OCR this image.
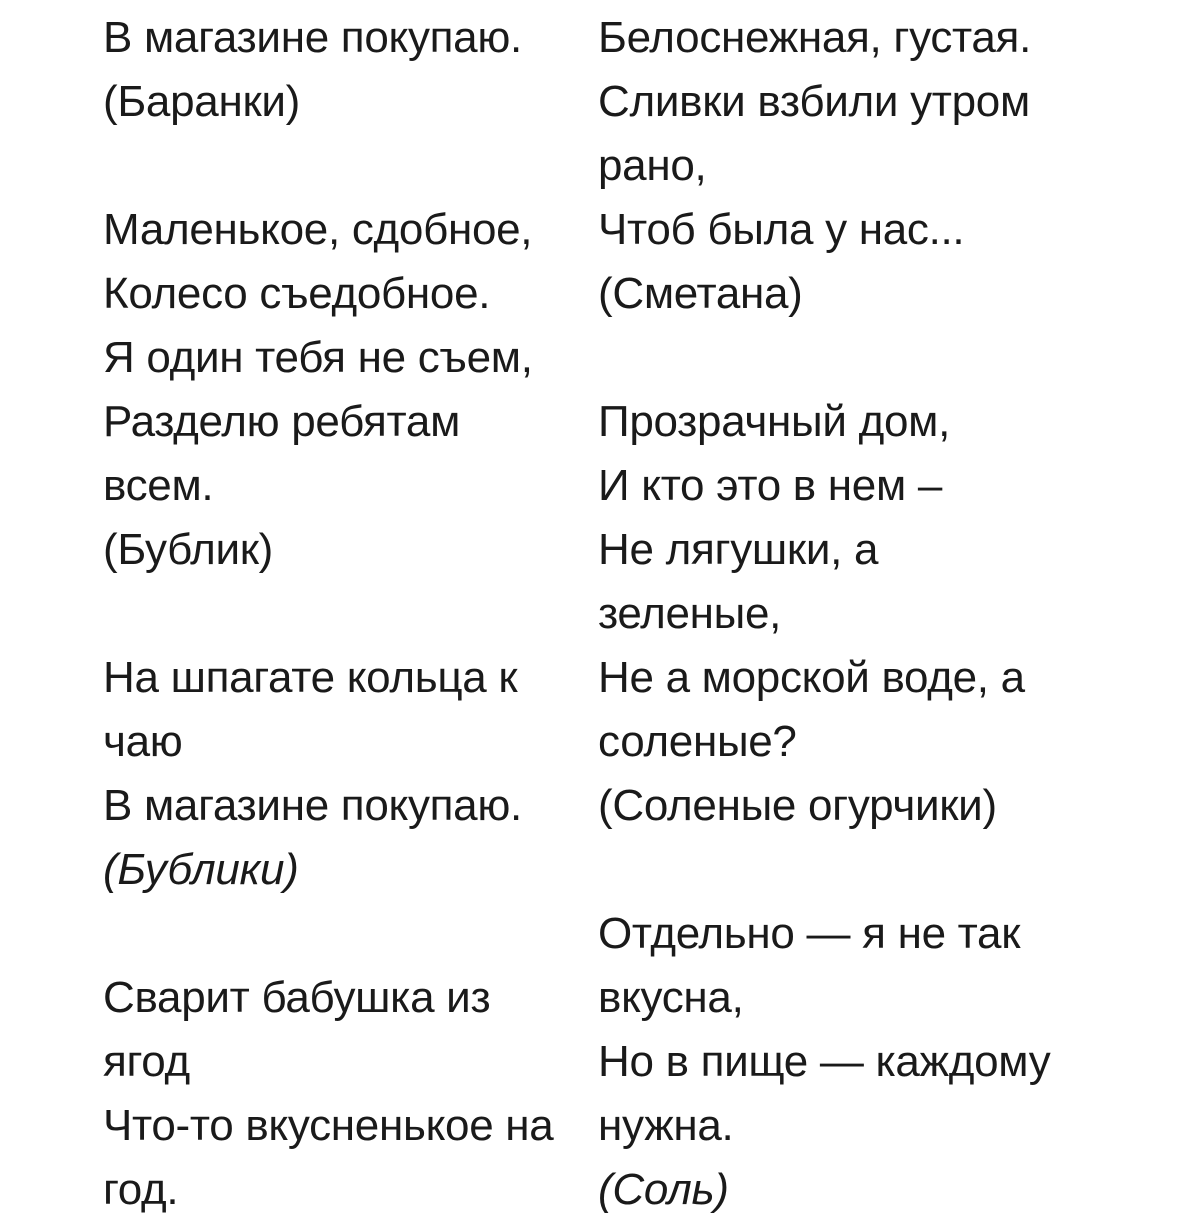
В магазине покупаю.
(Баранки)
Маленькое, сдобное,
Колесо съедобное.
Я один тебя не съем,
Разделю ребятам
всем.
(Бублик)
На шпагате кольца к
чаю
В магазине покупаю.
(Бублики)
Сварит бабушка из
ягод
Что-то вкусненькое на
год.
Белоснежная, густая.
Сливки взбили утром
рано,
Чтоб была у нас...
(Сметана)
Прозрачный дом,
И кто это в нем –
Не лягушки, а
зеленые,
Не а морской воде, а
соленые?
(Соленые огурчики)
Отдельно — я не так
вкусна,
Но в пище — каждому
нужна.
(Соль)
